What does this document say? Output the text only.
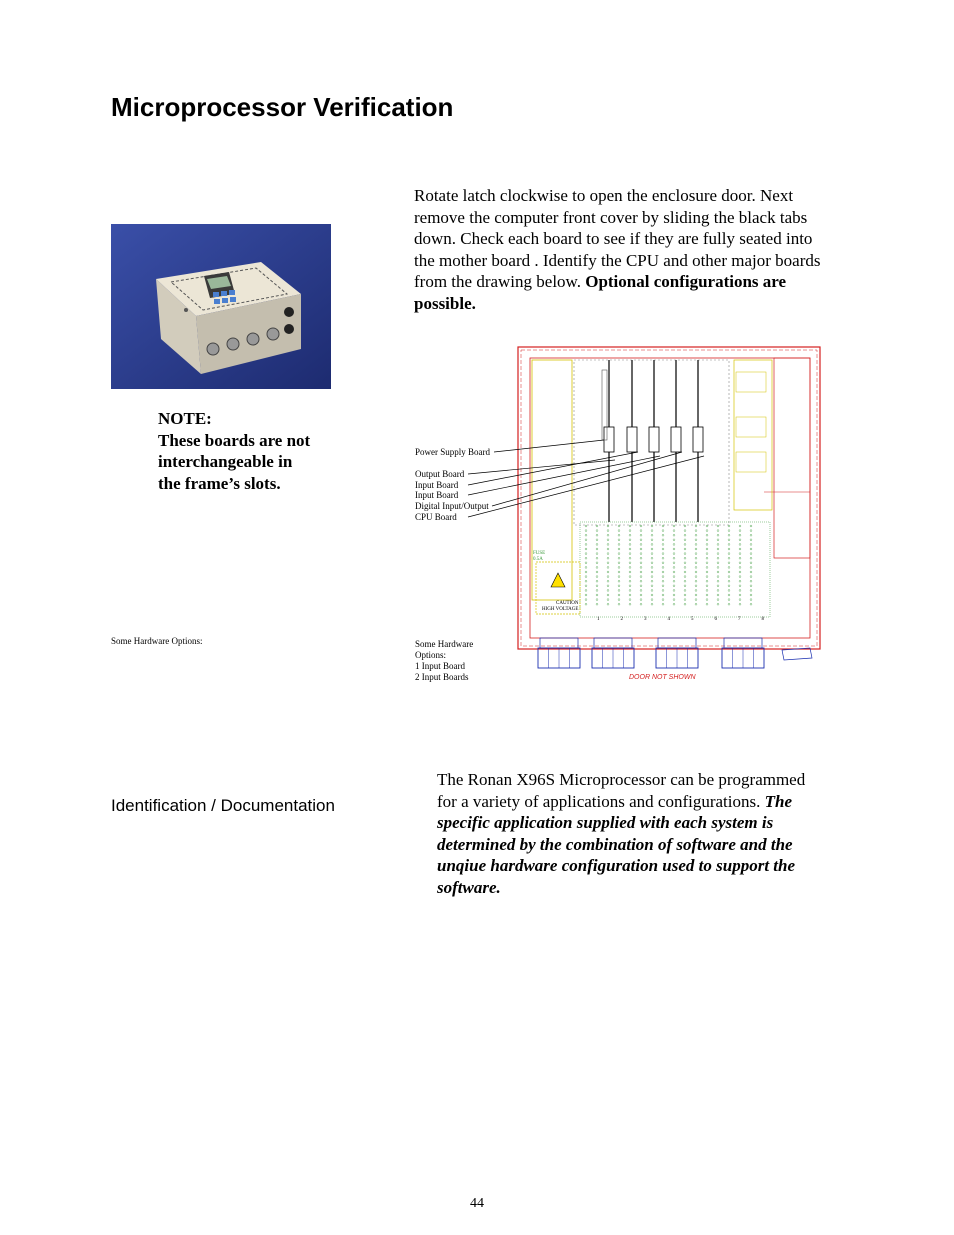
Microprocessor Verification
NOTE:
These boards are not interchangeable in the frame’s slots.
Some Hardware Options:
Rotate latch clockwise to open the enclosure door. Next remove the computer front cover by sliding the black tabs down. Check each board to see if they are fully seated into the mother board . Identify the CPU and other major boards from the drawing below. Optional configurations are possible.
FUSE
0.5A
CAUTION
HIGH VOLTAGE
1	2	3	4	5	6	7	8
DOOR NOT SHOWN
Power Supply Board
Output Board
Input Board
Input Board
Digital Input/Output
CPU Board
Some Hardware
Options:
1 Input Board
2 Input Boards
Identification / Documentation
The Ronan X96S Microprocessor can be programmed for a variety of applications and configurations. The specific application supplied with each system is determined by the combination of software and the unqiue hardware configuration used to support the software.
44
